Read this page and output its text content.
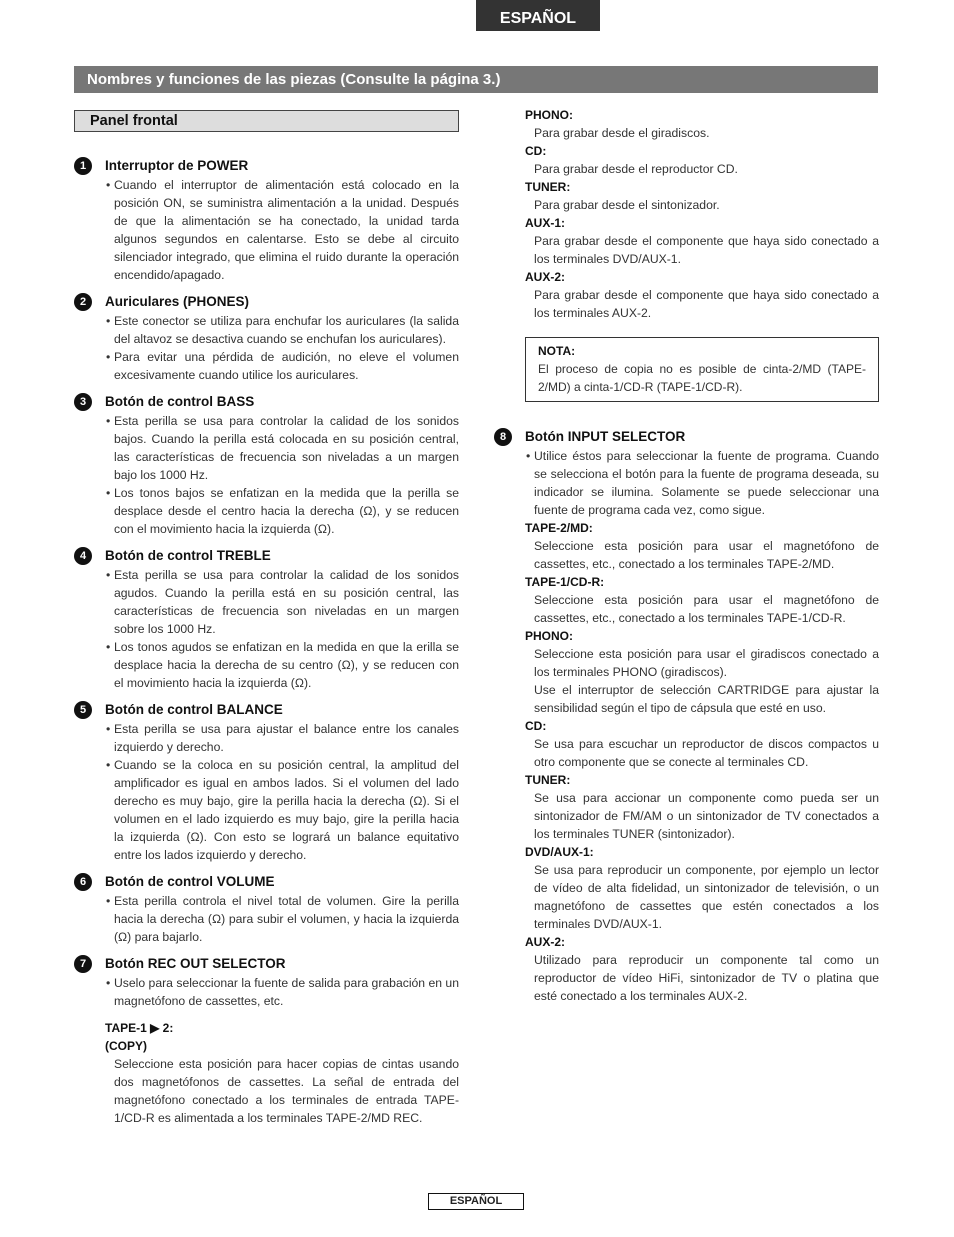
ESPAÑOL
Nombres y funciones de las piezas (Consulte la página 3.)
Panel frontal
1	Interruptor de POWER
• Cuando el interruptor de alimentación está colocado en la posición ON, se suministra alimentación a la unidad. Después de que la alimentación se ha conectado, la unidad tarda algunos segundos en calentarse. Esto se debe al circuito silenciador integrado, que elimina el ruido durante la operación encendido/apagado.
2	Auriculares (PHONES)
• Este conector se utiliza para enchufar los auriculares (la salida del altavoz se desactiva cuando se enchufan los auriculares).
• Para evitar una pérdida de audición, no eleve el volumen excesivamente cuando utilice los auriculares.
3	Botón de control BASS
• Esta perilla se usa para controlar la calidad de los sonidos bajos. Cuando la perilla está colocada en su posición central, las características de frecuencia son niveladas a un margen bajo los 1000 Hz.
• Los tonos bajos se enfatizan en la medida que la perilla se desplace desde el centro hacia la derecha (Ω), y se reducen con el movimiento hacia la izquierda (Ω).
4	Botón de control TREBLE
• Esta perilla se usa para controlar la calidad de los sonidos agudos. Cuando la perilla está en su posición central, las características de frecuencia son niveladas en un margen sobre los 1000 Hz.
• Los tonos agudos se enfatizan en la medida en que la erilla se desplace hacia la derecha de su centro (Ω), y se reducen con el movimiento hacia la izquierda (Ω).
5	Botón de control BALANCE
• Esta perilla se usa para ajustar el balance entre los canales izquierdo y derecho.
• Cuando se la coloca en su posición central, la amplitud del amplificador es igual en ambos lados. Si el volumen del lado derecho es muy bajo, gire la perilla hacia la derecha (Ω). Si el volumen en el lado izquierdo es muy bajo, gire la perilla hacia la izquierda (Ω). Con esto se logrará un balance equitativo entre los lados izquierdo y derecho.
6	Botón de control VOLUME
• Esta perilla controla el nivel total de volumen. Gire la perilla hacia la derecha (Ω) para subir el volumen, y hacia la izquierda (Ω) para bajarlo.
7	Botón REC OUT SELECTOR
• Uselo para seleccionar la fuente de salida para grabación en un magnetófono de cassettes, etc.
TAPE-1 ▶ 2:
(COPY)
Seleccione esta posición para hacer copias de cintas usando dos magnetófonos de cassettes. La señal de entrada del magnetófono conectado a los terminales de entrada TAPE-1/CD-R es alimentada a los terminales TAPE-2/MD REC.
PHONO:
Para grabar desde el giradiscos.
CD:
Para grabar desde el reproductor CD.
TUNER:
Para grabar desde el sintonizador.
AUX-1:
Para grabar desde el componente que haya sido conectado a los terminales DVD/AUX-1.
AUX-2:
Para grabar desde el componente que haya sido conectado a los terminales AUX-2.
NOTA:
El proceso de copia no es posible de cinta-2/MD (TAPE-2/MD) a cinta-1/CD-R (TAPE-1/CD-R).
8	Botón INPUT SELECTOR
• Utilice éstos para seleccionar la fuente de programa. Cuando se selecciona el botón para la fuente de programa deseada, su indicador se ilumina. Solamente se puede seleccionar una fuente de programa cada vez, como sigue.
TAPE-2/MD:
Seleccione esta posición para usar el magnetófono de cassettes, etc., conectado a los terminales TAPE-2/MD.
TAPE-1/CD-R:
Seleccione esta posición para usar el magnetófono de cassettes, etc., conectado a los terminales TAPE-1/CD-R.
PHONO:
Seleccione esta posición para usar el giradiscos conectado a los terminales PHONO (giradiscos).
Use el interruptor de selección CARTRIDGE para ajustar la sensibilidad según el tipo de cápsula que esté en uso.
CD:
Se usa para escuchar un reproductor de discos compactos u otro componente que se conecte al terminales CD.
TUNER:
Se usa para accionar un componente como pueda ser un sintonizador de FM/AM o un sintonizador de TV conectados a los terminales TUNER (sintonizador).
DVD/AUX-1:
Se usa para reproducir un componente, por ejemplo un lector de vídeo de alta fidelidad, un sintonizador de televisión, o un magnetófono de cassettes que estén conectados a los terminales DVD/AUX-1.
AUX-2:
Utilizado para reproducir un componente tal como un reproductor de vídeo HiFi, sintonizador de TV o platina que esté conectado a los terminales AUX-2.
ESPAÑOL
